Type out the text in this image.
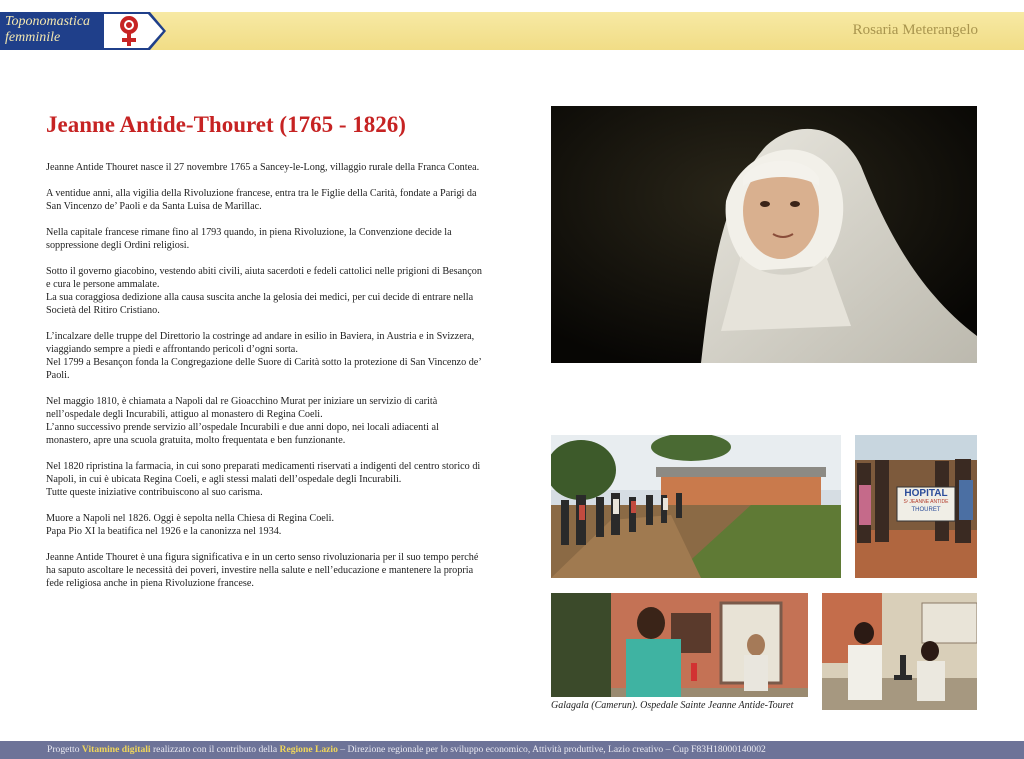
Toponomastica
femminile	Rosaria Meterangelo
Jeanne Antide-Thouret (1765 - 1826)

Jeanne Antide Thouret nasce il 27 novembre 1765 a Sancey-le-Long, villaggio rurale della Franca Contea.

A ventidue anni, alla vigilia della Rivoluzione francese, entra tra le Figlie della Carità, fondate a Parigi da San Vincenzo de’ Paoli e da Santa Luisa de Marillac.

Nella capitale francese rimane fino al 1793 quando, in piena Rivoluzione, la Convenzione decide la soppressione degli Ordini religiosi.

Sotto il governo giacobino, vestendo abiti civili, aiuta sacerdoti e fedeli cattolici nelle prigioni di Besançon e cura le persone ammalate.
La sua coraggiosa dedizione alla causa suscita anche la gelosia dei medici, per cui decide di entrare nella Società del Ritiro Cristiano.

L’incalzare delle truppe del Direttorio la costringe ad andare in esilio in Baviera, in Austria e in Svizzera, viaggiando sempre a piedi e affrontando pericoli d’ogni sorta.
Nel 1799 a Besançon fonda la Congregazione delle Suore di Carità sotto la protezione di San Vincenzo de’ Paoli.

Nel maggio 1810, è chiamata a Napoli dal re Gioacchino Murat per iniziare un servizio di carità nell’ospedale degli Incurabili, attiguo al monastero di Regina Coeli.
L’anno successivo prende servizio all’ospedale Incurabili e due anni dopo, nei locali adiacenti al monastero, apre una scuola gratuita, molto frequentata e ben funzionante.

Nel 1820 ripristina la farmacia, in cui sono preparati medicamenti riservati a indigenti del centro storico di Napoli, in cui è ubicata Regina Coeli, e agli stessi malati dell’ospedale degli Incurabili.
Tutte queste iniziative contribuiscono al suo carisma.

Muore a Napoli nel 1826. Oggi è sepolta nella Chiesa di Regina Coeli.
Papa Pio XI la beatifica nel 1926 e la canonizza nel 1934.

Jeanne Antide Thouret è una figura significativa e in un certo senso rivoluzionaria per il suo tempo perché ha saputo ascoltare le necessità dei poveri, investire nella salute e nell’educazione e mantenere la propria fede religiosa anche in piena Rivoluzione francese.

HOPITAL
Sᵗ JEANNE ANTIDE
THOURET
Galagala (Camerun). Ospedale Sainte Jeanne Antide-Touret
Progetto Vitamine digitali realizzato con il contributo della Regione Lazio – Direzione regionale per lo sviluppo economico, Attività produttive, Lazio creativo – Cup F83H18000140002
